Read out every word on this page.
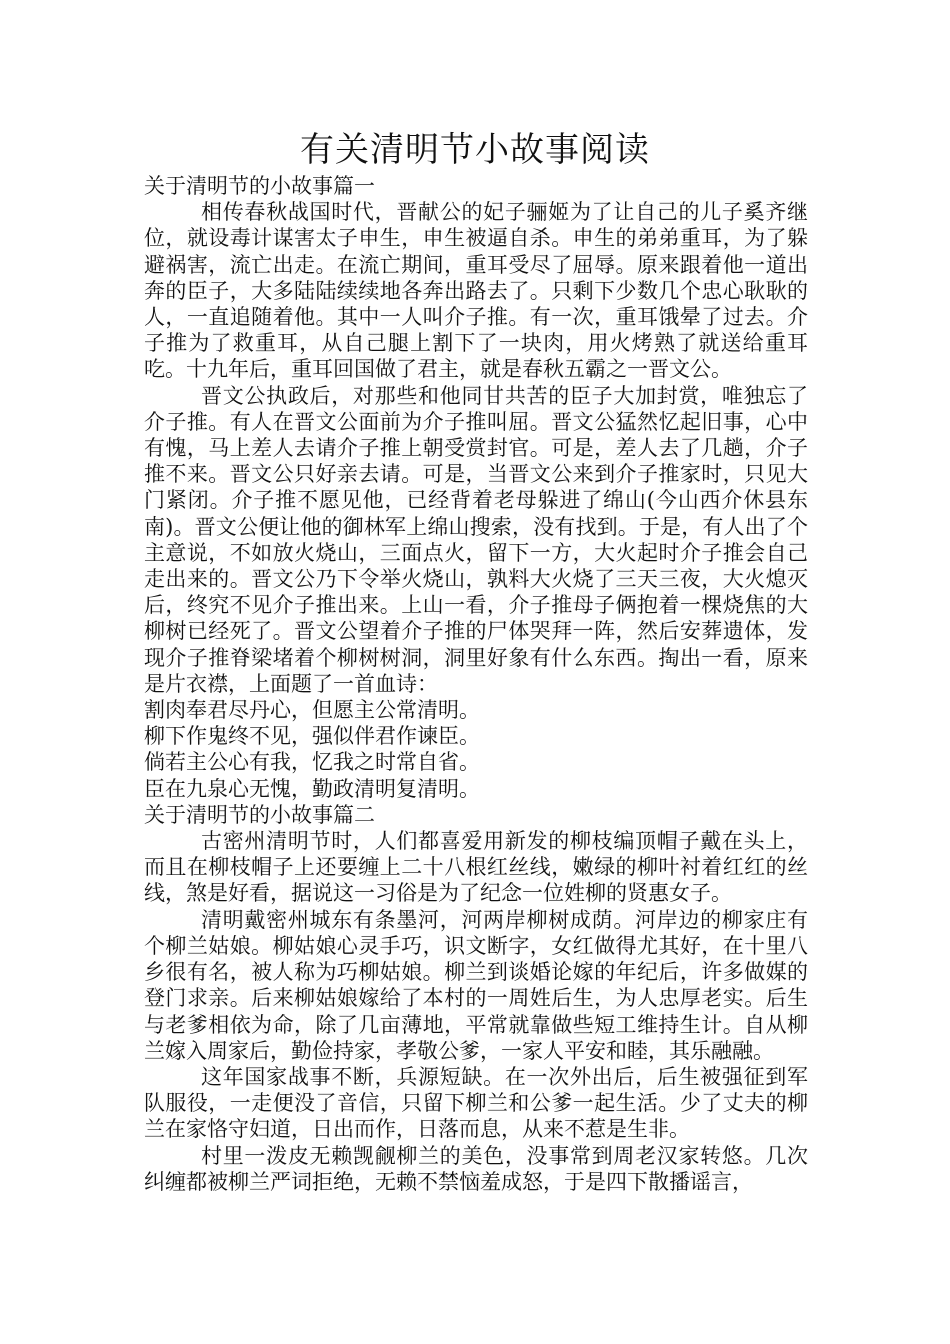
有关清明节小故事阅读

关于清明节的小故事篇一

相传春秋战国时代，晋献公的妃子骊姬为了让自己的儿子奚齐继位，就设毒计谋害太子申生，申生被逼自杀。申生的弟弟重耳，为了躲避祸害，流亡出走。在流亡期间，重耳受尽了屈辱。原来跟着他一道出奔的臣子，大多陆陆续续地各奔出路去了。只剩下少数几个忠心耿耿的人，一直追随着他。其中一人叫介子推。有一次，重耳饿晕了过去。介子推为了救重耳，从自己腿上割下了一块肉，用火烤熟了就送给重耳吃。十九年后，重耳回国做了君主，就是春秋五霸之一晋文公。

晋文公执政后，对那些和他同甘共苦的臣子大加封赏，唯独忘了介子推。有人在晋文公面前为介子推叫屈。晋文公猛然忆起旧事，心中有愧，马上差人去请介子推上朝受赏封官。可是，差人去了几趟，介子推不来。晋文公只好亲去请。可是，当晋文公来到介子推家时，只见大门紧闭。介子推不愿见他，已经背着老母躲进了绵山(今山西介休县东南)。晋文公便让他的御林军上绵山搜索，没有找到。于是，有人出了个主意说，不如放火烧山，三面点火，留下一方，大火起时介子推会自己走出来的。晋文公乃下令举火烧山，孰料大火烧了三天三夜，大火熄灭后，终究不见介子推出来。上山一看，介子推母子俩抱着一棵烧焦的大柳树已经死了。晋文公望着介子推的尸体哭拜一阵，然后安葬遗体，发现介子推脊梁堵着个柳树树洞，洞里好象有什么东西。掏出一看，原来是片衣襟，上面题了一首血诗：

割肉奉君尽丹心，但愿主公常清明。

柳下作鬼终不见，强似伴君作谏臣。

倘若主公心有我，忆我之时常自省。

臣在九泉心无愧，勤政清明复清明。

关于清明节的小故事篇二

古密州清明节时，人们都喜爱用新发的柳枝编顶帽子戴在头上，而且在柳枝帽子上还要缠上二十八根红丝线，嫩绿的柳叶衬着红红的丝线，煞是好看，据说这一习俗是为了纪念一位姓柳的贤惠女子。

清明戴密州城东有条墨河，河两岸柳树成荫。河岸边的柳家庄有个柳兰姑娘。柳姑娘心灵手巧，识文断字，女红做得尤其好，在十里八乡很有名，被人称为巧柳姑娘。柳兰到谈婚论嫁的年纪后，许多做媒的登门求亲。后来柳姑娘嫁给了本村的一周姓后生，为人忠厚老实。后生与老爹相依为命，除了几亩薄地，平常就靠做些短工维持生计。自从柳兰嫁入周家后，勤俭持家，孝敬公爹，一家人平安和睦，其乐融融。

这年国家战事不断，兵源短缺。在一次外出后，后生被强征到军队服役，一走便没了音信，只留下柳兰和公爹一起生活。少了丈夫的柳兰在家恪守妇道，日出而作，日落而息，从来不惹是生非。

村里一泼皮无赖觊觎柳兰的美色，没事常到周老汉家转悠。几次纠缠都被柳兰严词拒绝，无赖不禁恼羞成怒，于是四下散播谣言，
